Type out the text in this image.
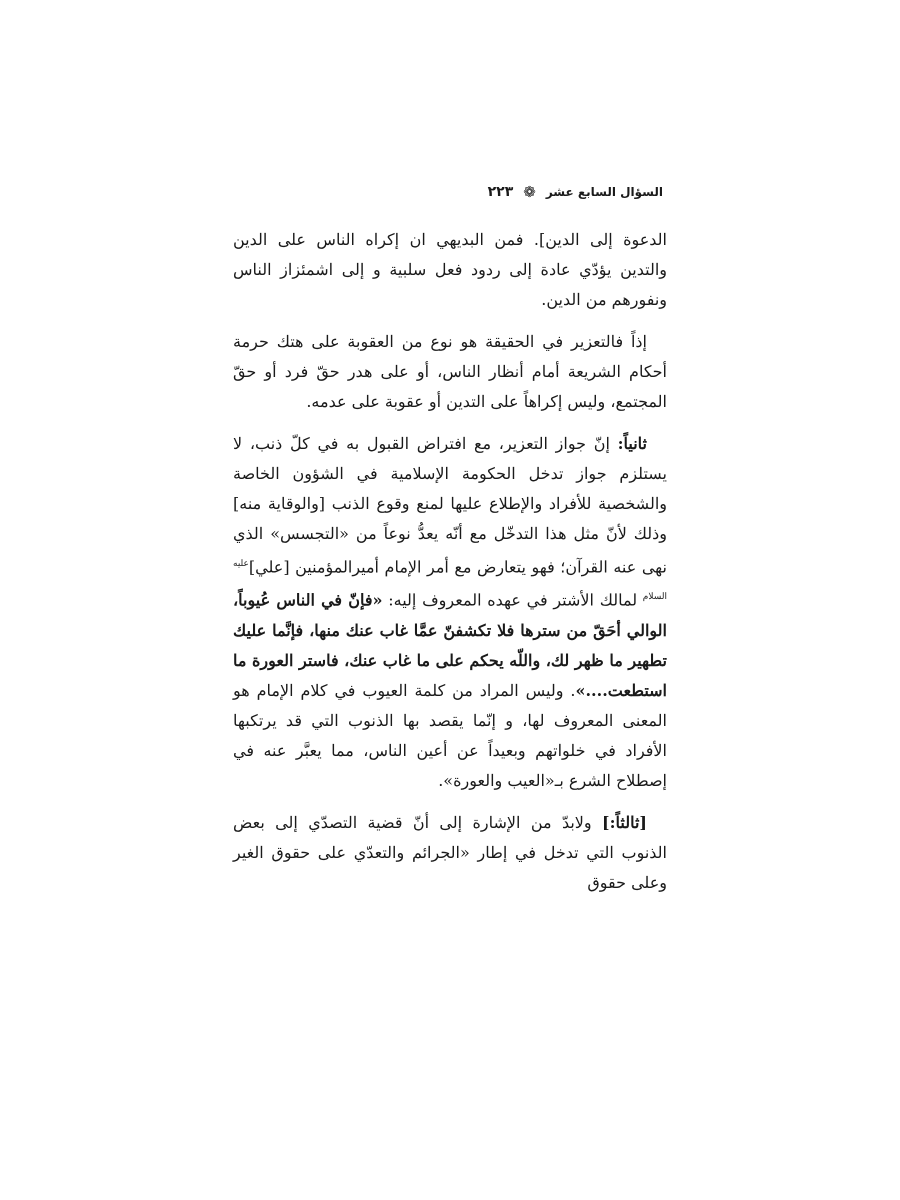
السؤال السابع عشر
❁
٢٢٣

الدعوة إلى الدين]. فمن البديهي ان إكراه الناس على الدين والتدين يؤدّي عادة إلى ردود فعل سلبية و إلى اشمئزاز الناس ونفورهم من الدين.

إذاً فالتعزير في الحقيقة هو نوع من العقوبة على هتك حرمة أحكام الشريعة أمام أنظار الناس، أو على هدر حقّ فرد أو حقّ المجتمع، وليس إكراهاً على التدين أو عقوبة على عدمه.

ثانياً: إنّ جواز التعزير، مع افتراض القبول به في كلّ ذنب، لا يستلزم جواز تدخل الحكومة الإسلامية في الشؤون الخاصة والشخصية للأفراد والإطلاع عليها لمنع وقوع الذنب [والوقاية منه] وذلك لأنّ مثل هذا التدخّل مع أنّه يعدُّ نوعاً من «التجسس» الذي نهى عنه القرآن؛ فهو يتعارض مع أمر الإمام أميرالمؤمنين [علي]$^{عليه السلام}$ لمالك الأشتر في عهده المعروف إليه: «فإنّ في الناس عُيوباً، الوالي أحَقّ من سترها فلا تكشفنّ عمَّا غاب عنك منها، فإنَّما عليك تطهير ما ظهر لك، واللّه يحكم على ما غاب عنك، فاستر العورة ما استطعت....». وليس المراد من كلمة العيوب في كلام الإمام هو المعنى المعروف لها، و إنّما يقصد بها الذنوب التي قد يرتكبها الأفراد في خلواتهم وبعيداً عن أعين الناس، مما يعبَّر عنه في إصطلاح الشرع بـ«العيب والعورة».

[ثالثاً:] ولابدّ من الإشارة إلى أنّ قضية التصدّي إلى بعض الذنوب التي تدخل في إطار «الجرائم والتعدّي على حقوق الغير وعلى حقوق
